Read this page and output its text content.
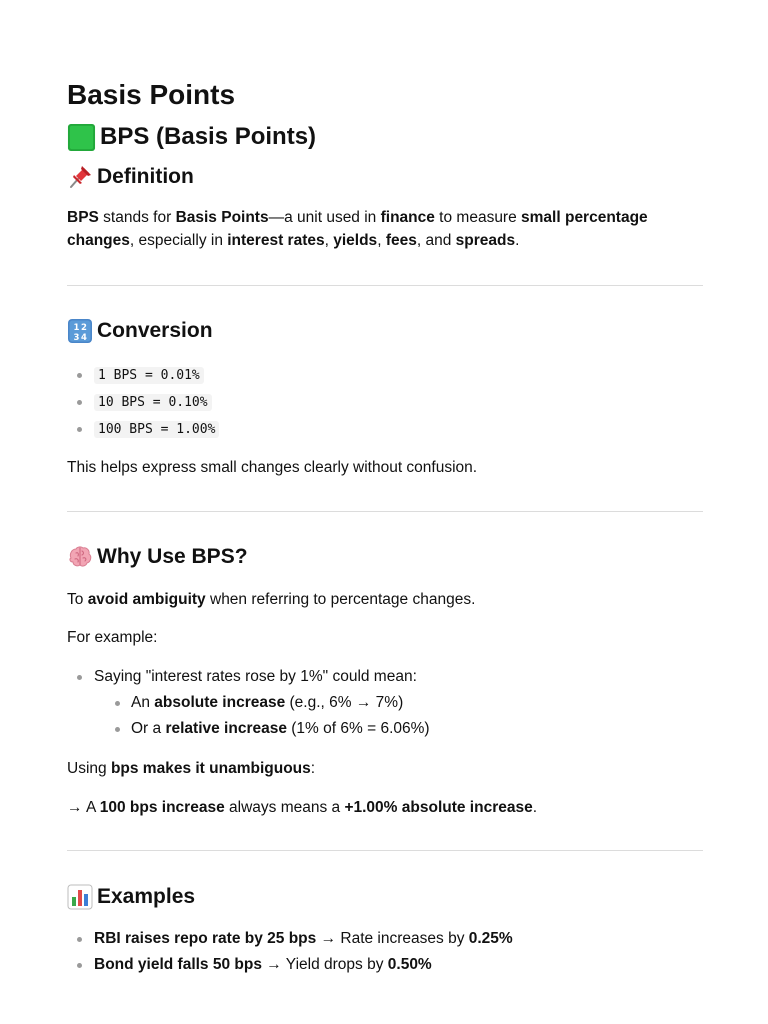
Basis Points
BPS (Basis Points)
Definition

BPS stands for Basis Points—a unit used in finance to measure small percentage changes, especially in interest rates, yields, fees, and spreads.

1 2
3 4 Conversion
1 BPS = 0.01%
10 BPS = 0.10%
100 BPS = 1.00%

This helps express small changes clearly without confusion.

Why Use BPS?

To avoid ambiguity when referring to percentage changes.

For example:

Saying "interest rates rose by 1%" could mean:
An absolute increase (e.g., 6% → 7%)
Or a relative increase (1% of 6% = 6.06%)

Using bps makes it unambiguous:

→ A 100 bps increase always means a +1.00% absolute increase.

Examples
RBI raises repo rate by 25 bps → Rate increases by 0.25%
Bond yield falls 50 bps → Yield drops by 0.50%
